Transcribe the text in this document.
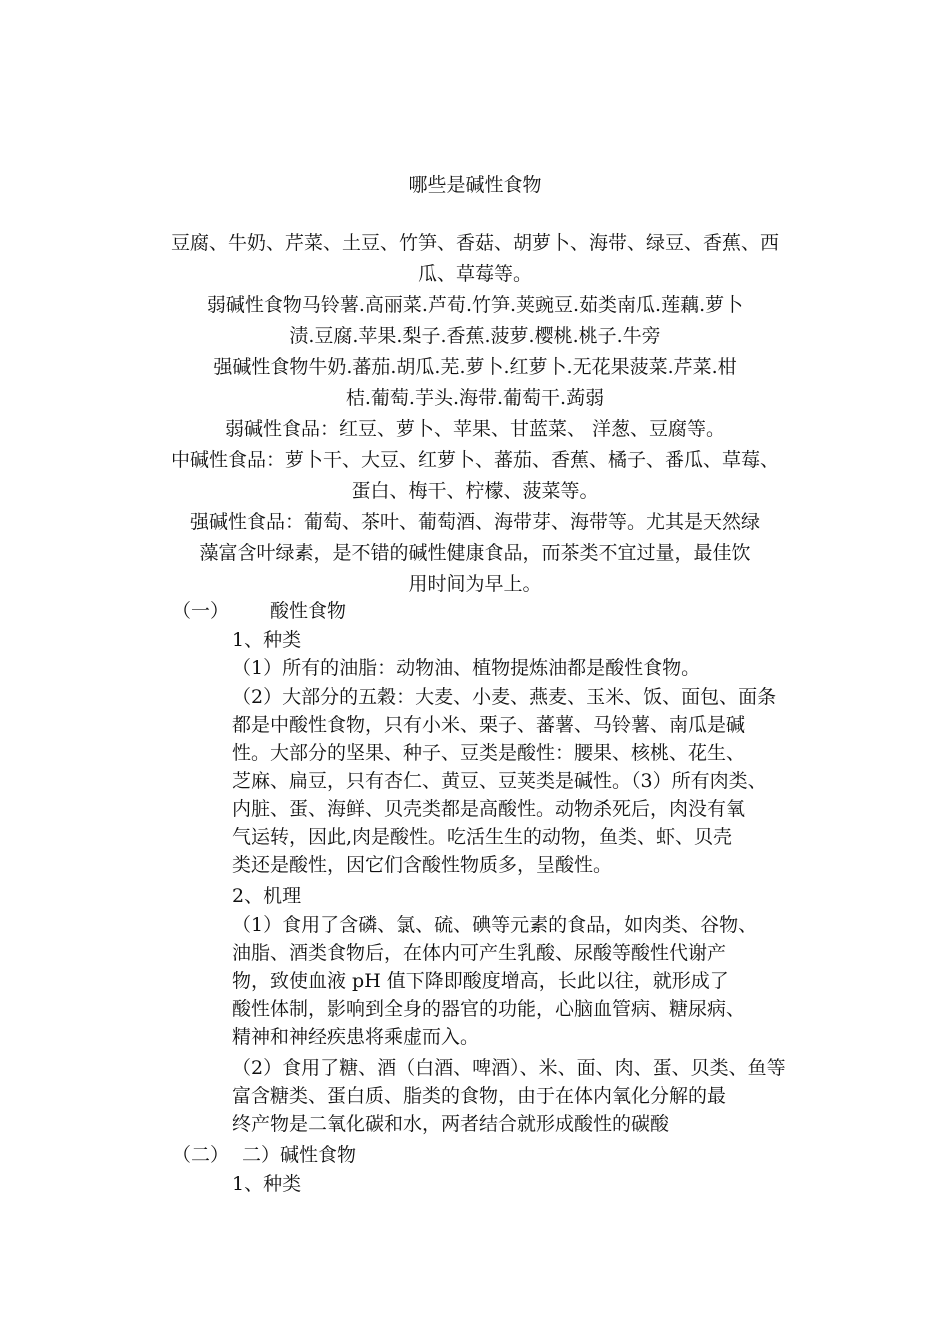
哪些是碱性食物
豆腐、牛奶、芹菜、土豆、竹笋、香菇、胡萝卜、海带、绿豆、香蕉、西
瓜、草莓等。
弱碱性食物马铃薯.高丽菜.芦荀.竹笋.荚豌豆.茹类南瓜.莲藕.萝卜
渍.豆腐.苹果.梨子.香蕉.菠萝.樱桃.桃子.牛旁
强碱性食物牛奶.蕃茄.胡瓜.芜.萝卜.红萝卜.无花果菠菜.芹菜.柑
桔.葡萄.芋头.海带.葡萄干.蒟弱
弱碱性食品：红豆、萝卜、苹果、甘蓝菜、 洋葱、豆腐等。
中碱性食品：萝卜干、大豆、红萝卜、蕃茄、香蕉、橘子、番瓜、草莓、
蛋白、梅干、柠檬、菠菜等。
强碱性食品：葡萄、茶叶、葡萄酒、海带芽、海带等。尤其是天然绿
藻富含叶绿素，是不错的碱性健康食品，而茶类不宜过量，最佳饮
用时间为早上。
（一） 酸性食物
1、种类
（1）所有的油脂：动物油、植物提炼油都是酸性食物。
（2）大部分的五穀：大麦、小麦、燕麦、玉米、饭、面包、面条
都是中酸性食物，只有小米、栗子、蕃薯、马铃薯、南瓜是碱
性。大部分的坚果、种子、豆类是酸性：腰果、核桃、花生、
芝麻、扁豆，只有杏仁、黄豆、豆荚类是碱性。（3）所有肉类、
内脏、蛋、海鲜、贝壳类都是高酸性。动物杀死后，肉没有氧
气运转，因此,肉是酸性。吃活生生的动物，鱼类、虾、贝壳
类还是酸性，因它们含酸性物质多，呈酸性。
2、机理
（1）食用了含磷、氯、硫、碘等元素的食品，如肉类、谷物、
油脂、酒类食物后，在体内可产生乳酸、尿酸等酸性代谢产
物，致使血液 pH 值下降即酸度增高，长此以往，就形成了
酸性体制，影响到全身的器官的功能，心脑血管病、糖尿病、
精神和神经疾患将乘虚而入。
（2）食用了糖、酒（白酒、啤酒）、米、面、肉、蛋、贝类、鱼等
富含糖类、蛋白质、脂类的食物，由于在体内氧化分解的最
终产物是二氧化碳和水，两者结合就形成酸性的碳酸
（二） 二）碱性食物
1、种类
